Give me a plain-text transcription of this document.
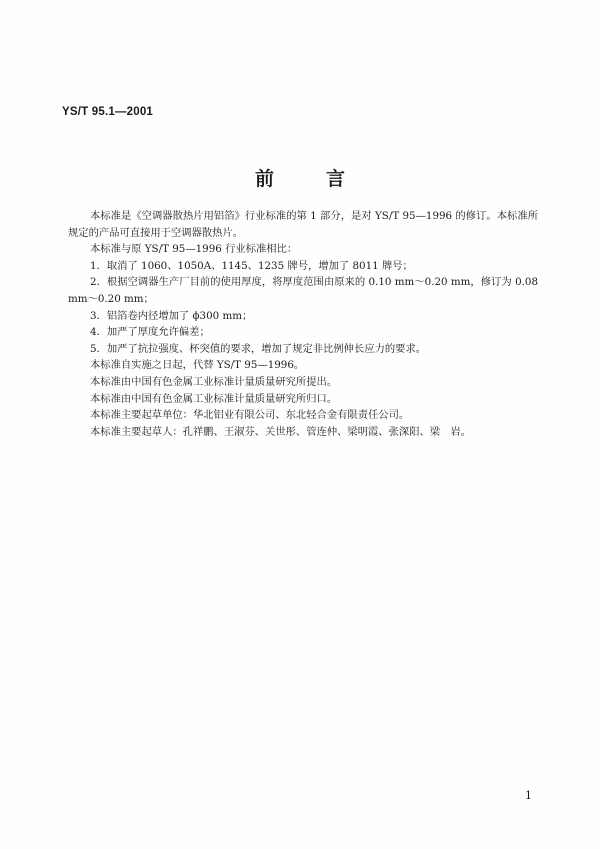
YS/T 95.1—2001
前言

本标准是《空调器散热片用铝箔》行业标准的第 1 部分，是对 YS/T 95—1996 的修订。本标准所规定的产品可直接用于空调器散热片。

本标准与原 YS/T 95—1996 行业标准相比：

1．取消了 1060、1050A、1145、1235 牌号，增加了 8011 牌号；

2．根据空调器生产厂目前的使用厚度，将厚度范围由原来的 0.10 mm～0.20 mm，修订为 0.08 mm～0.20 mm；

3．铝箔卷内径增加了 ϕ300 mm；

4．加严了厚度允许偏差；

5．加严了抗拉强度、杯突值的要求，增加了规定非比例伸长应力的要求。

本标准自实施之日起，代替 YS/T 95—1996。

本标准由中国有色金属工业标准计量质量研究所提出。

本标准由中国有色金属工业标准计量质量研究所归口。

本标准主要起草单位：华北铝业有限公司、东北轻合金有限责任公司。

本标准主要起草人：孔祥鹏、王淑芬、关世彤、管连仲、梁明霞、张深阳、梁　岩。

1
